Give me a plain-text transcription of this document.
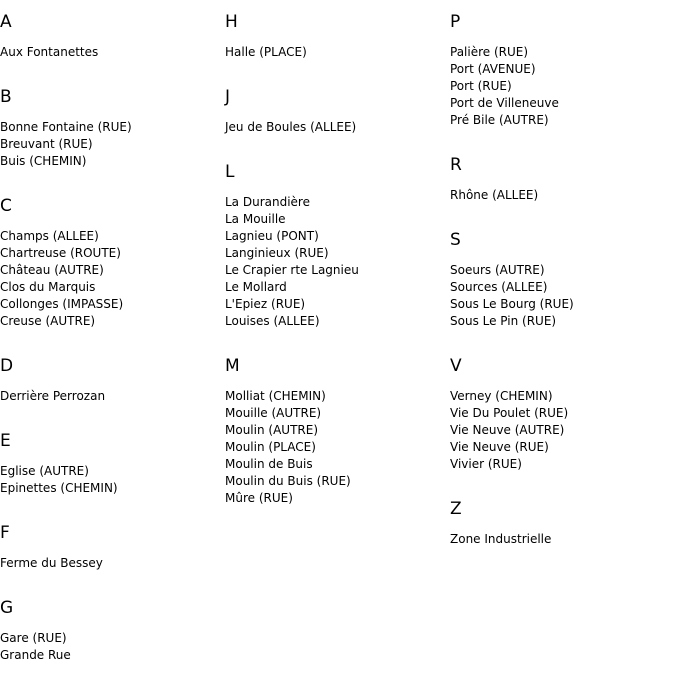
A
Aux Fontanettes
B
Bonne Fontaine (RUE)
Breuvant (RUE)
Buis (CHEMIN)
C
Champs (ALLEE)
Chartreuse (ROUTE)
Château (AUTRE)
Clos du Marquis
Collonges (IMPASSE)
Creuse (AUTRE)
D
Derrière Perrozan
E
Eglise (AUTRE)
Epinettes (CHEMIN)
F
Ferme du Bessey
G
Gare (RUE)
Grande Rue
H
Halle (PLACE)
J
Jeu de Boules (ALLEE)
L
La Durandière
La Mouille
Lagnieu (PONT)
Langinieux (RUE)
Le Crapier rte Lagnieu
Le Mollard
L'Epiez (RUE)
Louises (ALLEE)
M
Molliat (CHEMIN)
Mouille (AUTRE)
Moulin (AUTRE)
Moulin (PLACE)
Moulin de Buis
Moulin du Buis (RUE)
Mûre (RUE)
P
Palière (RUE)
Port (AVENUE)
Port (RUE)
Port de Villeneuve
Pré Bile (AUTRE)
R
Rhône (ALLEE)
S
Soeurs (AUTRE)
Sources (ALLEE)
Sous Le Bourg (RUE)
Sous Le Pin (RUE)
V
Verney (CHEMIN)
Vie Du Poulet (RUE)
Vie Neuve (AUTRE)
Vie Neuve (RUE)
Vivier (RUE)
Z
Zone Industrielle
